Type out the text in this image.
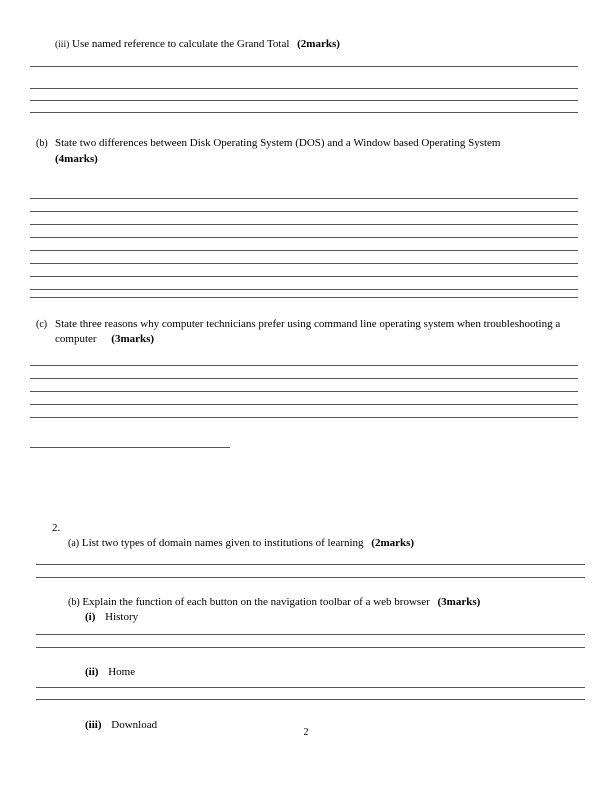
(iii) Use named reference to calculate the Grand Total (2marks)
(b) State two differences between Disk Operating System (DOS) and a Window based Operating System
(4marks)
(c) State three reasons why computer technicians prefer using command line operating system when troubleshooting a computer (3marks)
2.
(a) List two types of domain names given to institutions of learning (2marks)
(b) Explain the function of each button on the navigation toolbar of a web browser (3marks)
(i) History
(ii) Home
(iii) Download
2
